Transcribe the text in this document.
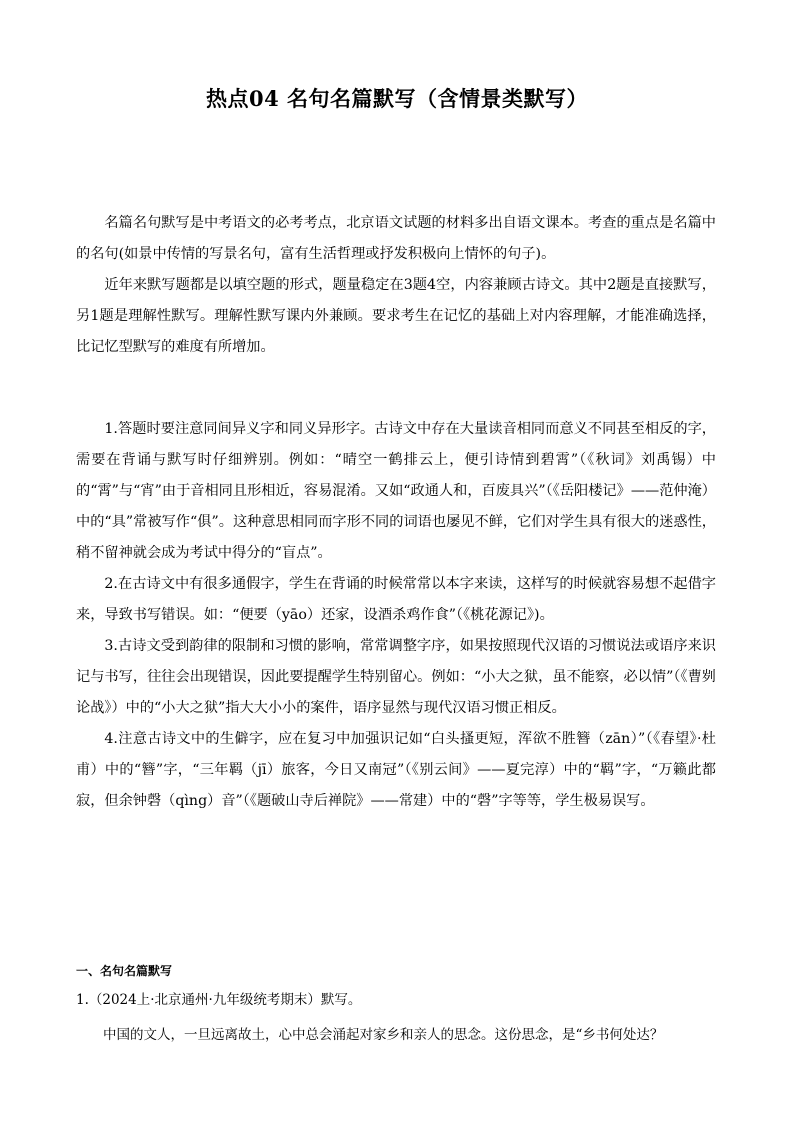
热点04 名句名篇默写（含情景类默写）

名篇名句默写是中考语文的必考考点，北京语文试题的材料多出自语文课本。考查的重点是名篇中的名句(如景中传情的写景名句，富有生活哲理或抒发积极向上情怀的句子)。

近年来默写题都是以填空题的形式，题量稳定在3题4空，内容兼顾古诗文。其中2题是直接默写，另1题是理解性默写。理解性默写课内外兼顾。要求考生在记忆的基础上对内容理解，才能准确选择，比记忆型默写的难度有所增加。

1.答题时要注意同间异义字和同义异形字。古诗文中存在大量读音相同而意义不同甚至相反的字，需要在背诵与默写时仔细辨别。例如：“晴空一鹤排云上，便引诗情到碧霄”（《秋词》刘禹锡）中的“霄”与“宵”由于音相同且形相近，容易混淆。又如“政通人和，百废具兴”（《岳阳楼记》——范仲淹）中的“具”常被写作“俱”。这种意思相同而字形不同的词语也屡见不鲜，它们对学生具有很大的迷惑性，稍不留神就会成为考试中得分的“盲点”。

2.在古诗文中有很多通假字，学生在背诵的时候常常以本字来读，这样写的时候就容易想不起借字来，导致书写错误。如：“便要（yāo）还家，设酒杀鸡作食”（《桃花源记》)。

3.古诗文受到韵律的限制和习惯的影响，常常调整字序，如果按照现代汉语的习惯说法或语序来识记与书写，往往会出现错误，因此要提醒学生特别留心。例如：“小大之狱，虽不能察，必以情”（《曹刿论战》）中的“小大之狱”指大大小小的案件，语序显然与现代汉语习惯正相反。

4.注意古诗文中的生僻字，应在复习中加强识记如“白头搔更短，浑欲不胜簪（zān）”（《春望》·杜甫）中的“簪”字，“三年羁（jī）旅客，今日又南冠”（《别云间》——夏完淳）中的“羁”字，“万籁此都寂，但余钟磬（qìng）音”（《题破山寺后禅院》——常建）中的“磬”字等等，学生极易误写。

一、名句名篇默写
1.（2024上·北京通州·九年级统考期末）默写。
中国的文人，一旦远离故土，心中总会涌起对家乡和亲人的思念。这份思念，是“乡书何处达？
